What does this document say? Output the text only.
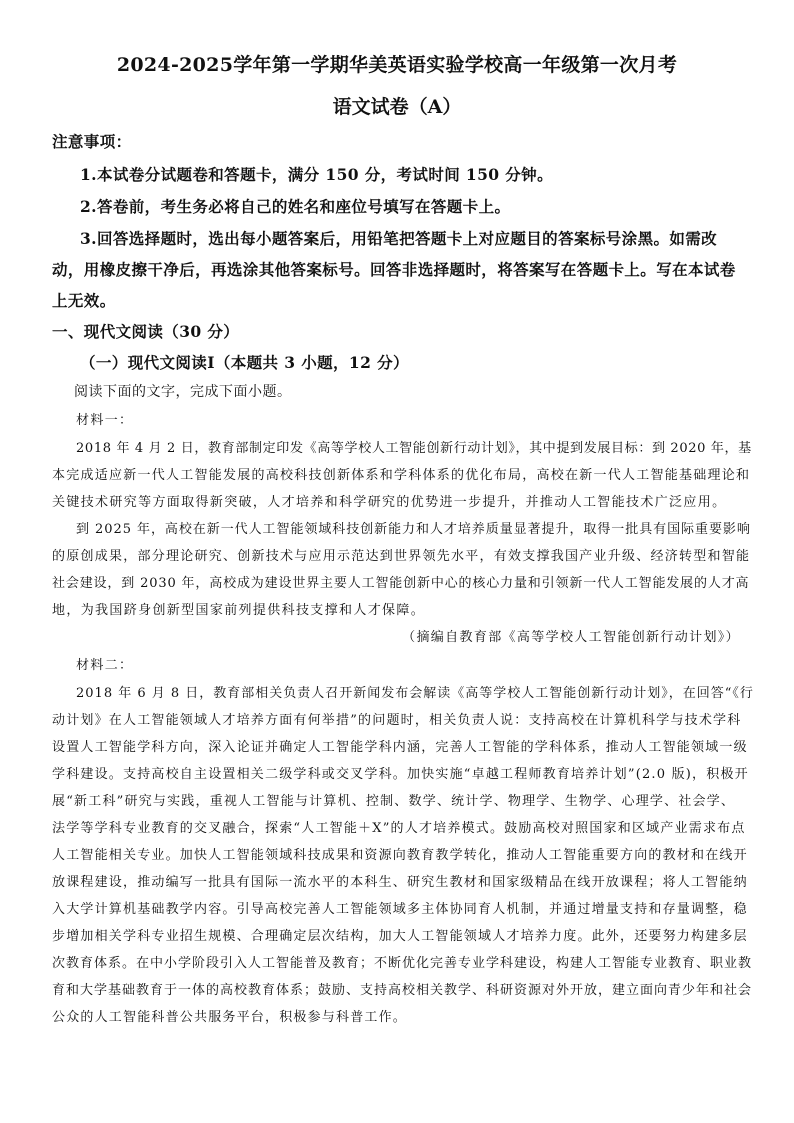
2024-2025学年第一学期华美英语实验学校高一年级第一次月考
语文试卷（A）
注意事项：
1.本试卷分试题卷和答题卡，满分 150 分，考试时间 150 分钟。
2.答卷前，考生务必将自己的姓名和座位号填写在答题卡上。
3.回答选择题时，选出每小题答案后，用铅笔把答题卡上对应题目的答案标号涂黑。如需改
动，用橡皮擦干净后，再选涂其他答案标号。回答非选择题时，将答案写在答题卡上。写在本试卷
上无效。
一、现代文阅读（30 分）
（一）现代文阅读Ⅰ（本题共 3 小题，12 分）
阅读下面的文字，完成下面小题。
材料一：
2018 年 4 月 2 日，教育部制定印发《高等学校人工智能创新行动计划》，其中提到发展目标：到 2020 年，基
本完成适应新一代人工智能发展的高校科技创新体系和学科体系的优化布局，高校在新一代人工智能基础理论和
关键技术研究等方面取得新突破，人才培养和科学研究的优势进一步提升，并推动人工智能技术广泛应用。
到 2025 年，高校在新一代人工智能领域科技创新能力和人才培养质量显著提升，取得一批具有国际重要影响
的原创成果，部分理论研究、创新技术与应用示范达到世界领先水平，有效支撑我国产业升级、经济转型和智能
社会建设，到 2030 年，高校成为建设世界主要人工智能创新中心的核心力量和引领新一代人工智能发展的人才高
地，为我国跻身创新型国家前列提供科技支撑和人才保障。
（摘编自教育部《高等学校人工智能创新行动计划》）
材料二：
2018 年 6 月 8 日，教育部相关负责人召开新闻发布会解读《高等学校人工智能创新行动计划》，在回答“《行
动计划》在人工智能领域人才培养方面有何举措”的问题时，相关负责人说：支持高校在计算机科学与技术学科
设置人工智能学科方向，深入论证并确定人工智能学科内涵，完善人工智能的学科体系，推动人工智能领域一级
学科建设。支持高校自主设置相关二级学科或交叉学科。加快实施“卓越工程师教育培养计划”(2.0 版)，积极开
展“新工科”研究与实践，重视人工智能与计算机、控制、数学、统计学、物理学、生物学、心理学、社会学、
法学等学科专业教育的交叉融合，探索“人工智能＋X”的人才培养模式。鼓励高校对照国家和区域产业需求布点
人工智能相关专业。加快人工智能领域科技成果和资源向教育教学转化，推动人工智能重要方向的教材和在线开
放课程建设，推动编写一批具有国际一流水平的本科生、研究生教材和国家级精品在线开放课程；将人工智能纳
入大学计算机基础教学内容。引导高校完善人工智能领域多主体协同育人机制，并通过增量支持和存量调整，稳
步增加相关学科专业招生规模、合理确定层次结构，加大人工智能领域人才培养力度。此外，还要努力构建多层
次教育体系。在中小学阶段引入人工智能普及教育；不断优化完善专业学科建设，构建人工智能专业教育、职业教
育和大学基础教育于一体的高校教育体系；鼓励、支持高校相关教学、科研资源对外开放，建立面向青少年和社会
公众的人工智能科普公共服务平台，积极参与科普工作。
